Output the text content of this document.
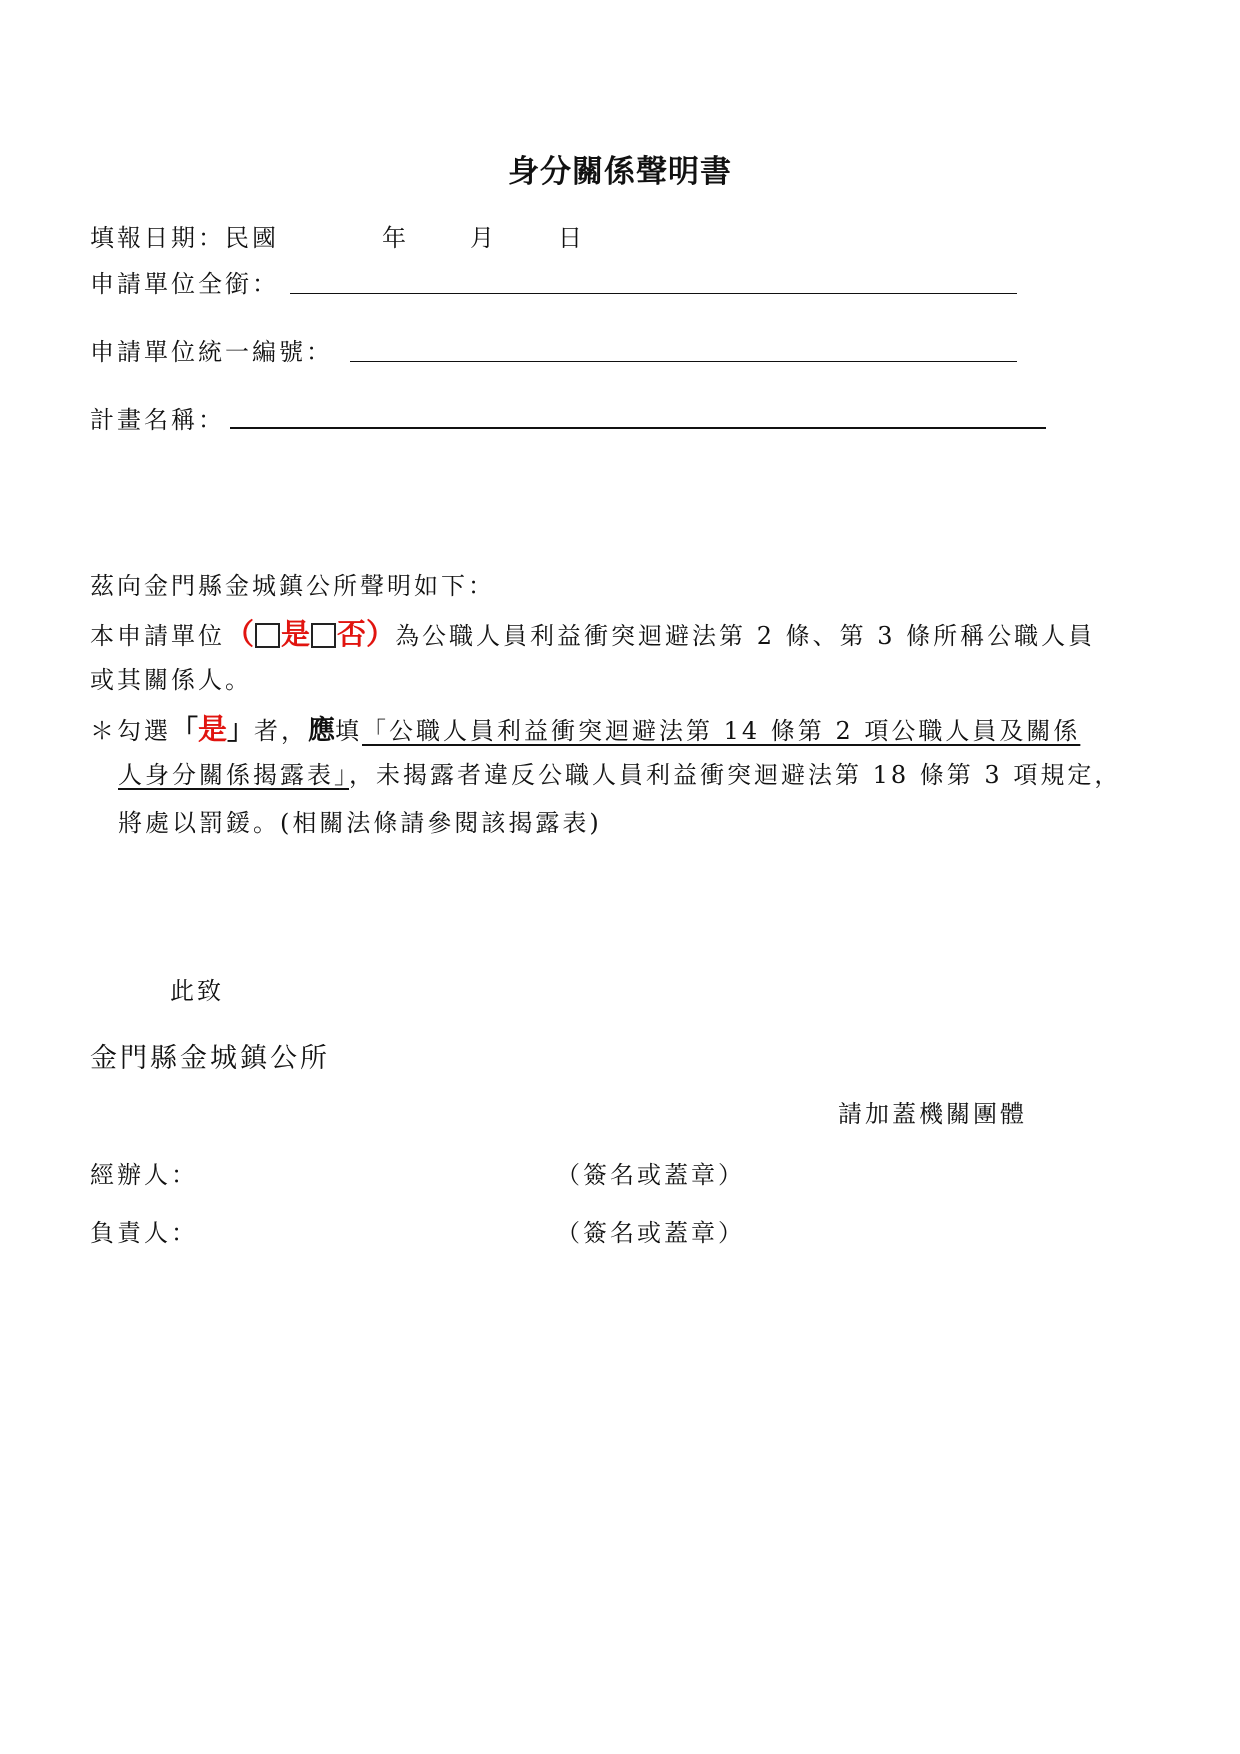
身分關係聲明書
填報日期：民國	年	月	日
申請單位全銜：
申請單位統一編號：
計畫名稱：
茲向金門縣金城鎮公所聲明如下：
本申請單位（ 是 否）為公職人員利益衝突迴避法第 2 條、第 3 條所稱公職人員
或其關係人。
＊勾選「是」者，應填「公職人員利益衝突迴避法第 14 條第 2 項公職人員及關係
人身分關係揭露表」，未揭露者違反公職人員利益衝突迴避法第 18 條第 3 項規定，
將處以罰鍰。(相關法條請參閱該揭露表)
此致
金門縣金城鎮公所
請加蓋機關團體
經辦人：	（簽名或蓋章）
負責人：	（簽名或蓋章）
